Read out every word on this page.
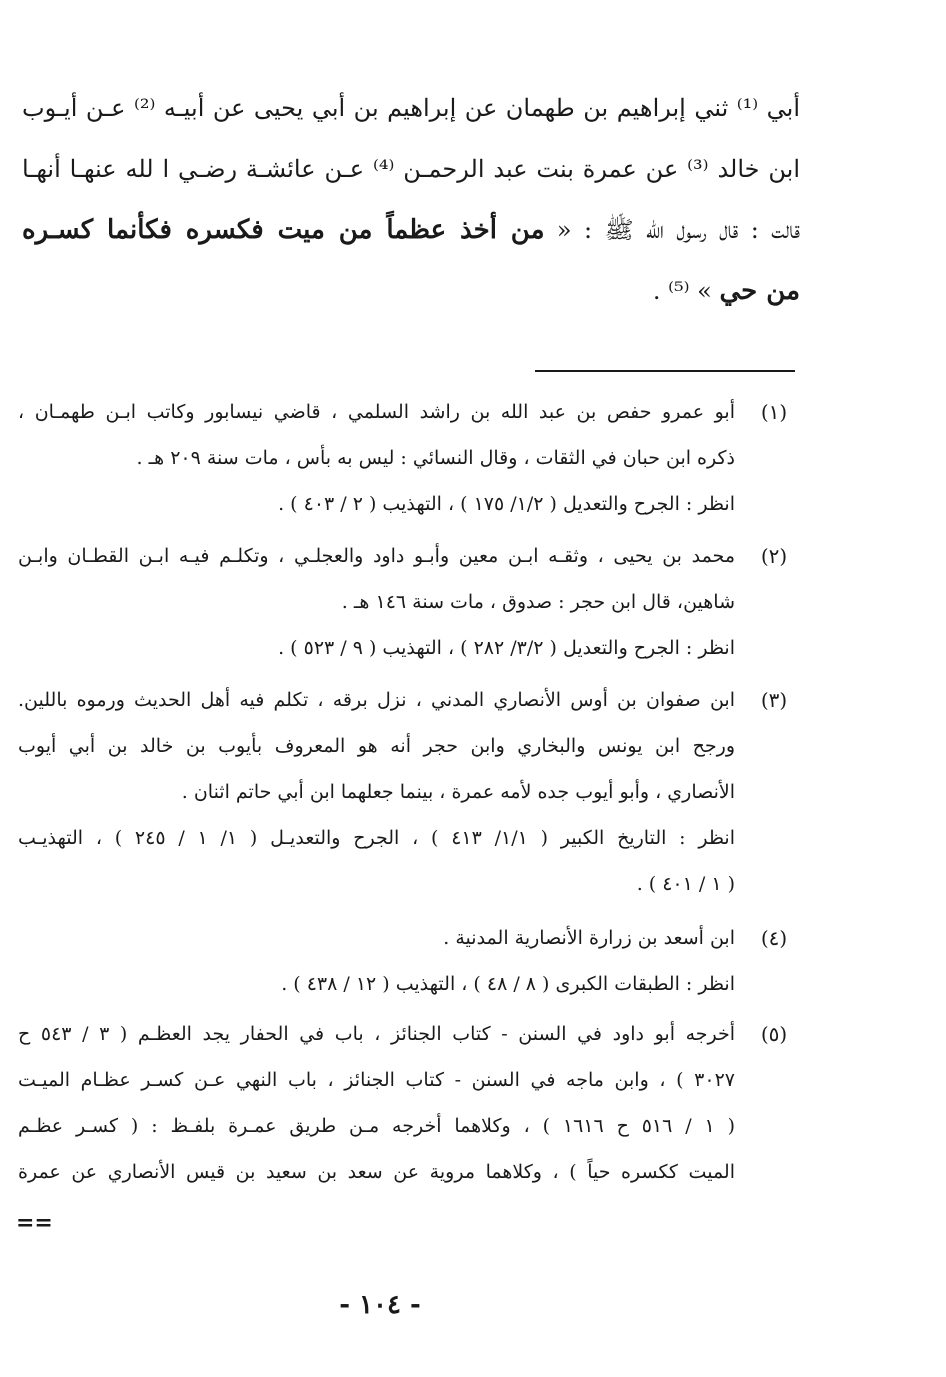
أبي ⁽¹⁾ ثني إبراهيم بن طهمان عن إبراهيم بن أبي يحيى عن أبيـه ⁽²⁾ عـن أيـوب
ابن خالد ⁽³⁾ عن عمرة بنت عبد الرحمـن ⁽⁴⁾ عـن عائشـة رضـي ا لله عنهـا أنهـا
قالت : قال رسول الله ﷺ : « من أخذ عظماً من ميت فكسره فكأنما كسـره
من حي » ⁽⁵⁾ .
(١)
أبو عمرو حفص بن عبد الله بن راشد السلمي ، قاضي نيسابور وكاتب ابـن طهمـان ،
ذكره ابن حبان في الثقات ، وقال النسائي : ليس به بأس ، مات سنة ٢٠٩ هـ .
انظر : الجرح والتعديل ( ١/٢/ ١٧٥ ) ، التهذيب ( ٢ / ٤٠٣ ) .
(٢)
محمد بن يحيى ، وثقـه ابـن معين وأبـو داود والعجلـي ، وتكلـم فيـه ابـن القطـان وابـن
شاهين، قال ابن حجر : صدوق ، مات سنة ١٤٦ هـ .
انظر : الجرح والتعديل ( ٣/٢/ ٢٨٢ ) ، التهذيب ( ٩ / ٥٢٣ ) .
(٣)
ابن صفوان بن أوس الأنصاري المدني ، نزل برقه ، تكلم فيه أهل الحديث ورموه باللين.
ورجح ابن يونس والبخاري وابن حجر أنه هو المعروف بأيوب بن خالد بن أبي أيوب
الأنصاري ، وأبو أيوب جده لأمه عمرة ، بينما جعلهما ابن أبي حاتم اثنان .
انظر : التاريخ الكبير ( ١/١/ ٤١٣ ) ، الجرح والتعديـل ( ١/ ١ / ٢٤٥ ) ، التهذيـب
( ١ / ٤٠١ ) .
(٤)
ابن أسعد بن زرارة الأنصارية المدنية .
انظر : الطبقات الكبرى ( ٨ / ٤٨ ) ، التهذيب ( ١٢ / ٤٣٨ ) .
(٥)
أخرجه أبو داود في السنن - كتاب الجنائز ، باب في الحفار يجد العظـم ( ٣ / ٥٤٣ ح
٣٠٢٧ ) ، وابن ماجه في السنن - كتاب الجنائز ، باب النهي عـن كسـر عظـام الميـت
( ١ / ٥١٦ ح ١٦١٦ ) ، وكلاهما أخرجه مـن طريق عمـرة بلفـظ : ( كسـر عظـم
الميت ككسره حياً ) ، وكلاهما مروية عن سعد بن سعيد بن قيس الأنصاري عن عمرة
==
- ١٠٤ -
